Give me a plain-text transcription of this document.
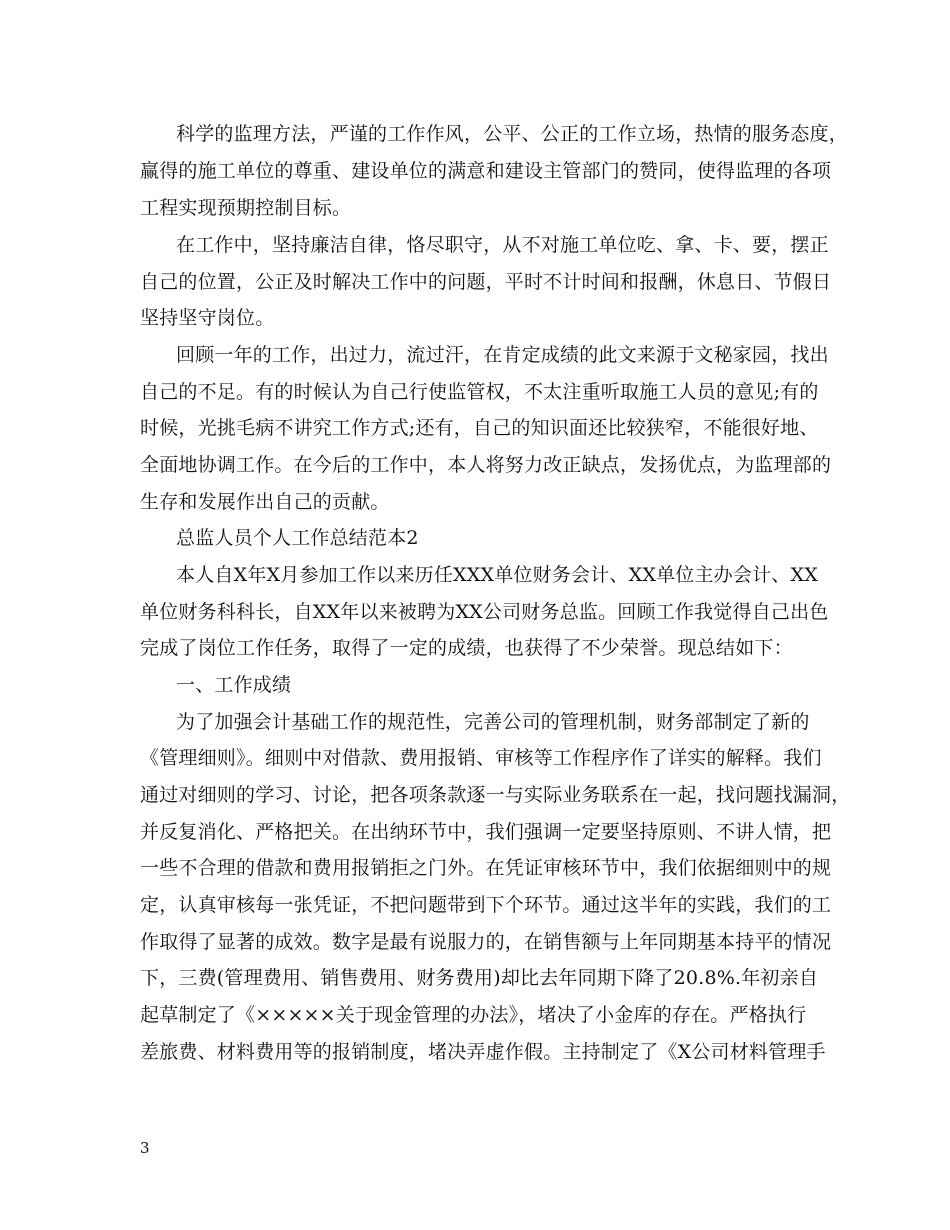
科学的监理方法，严谨的工作作风，公平、公正的工作立场，热情的服务态度，
赢得的施工单位的尊重、建设单位的满意和建设主管部门的赞同，使得监理的各项
工程实现预期控制目标。
在工作中，坚持廉洁自律，恪尽职守，从不对施工单位吃、拿、卡、要，摆正
自己的位置，公正及时解决工作中的问题，平时不计时间和报酬，休息日、节假日
坚持坚守岗位。
回顾一年的工作，出过力，流过汗，在肯定成绩的此文来源于文秘家园，找出
自己的不足。有的时候认为自己行使监管权，不太注重听取施工人员的意见;有的
时候，光挑毛病不讲究工作方式;还有，自己的知识面还比较狭窄，不能很好地、
全面地协调工作。在今后的工作中，本人将努力改正缺点，发扬优点，为监理部的
生存和发展作出自己的贡献。
总监人员个人工作总结范本2
本人自X年X月参加工作以来历任XXX单位财务会计、XX单位主办会计、XX
单位财务科科长，自XX年以来被聘为XX公司财务总监。回顾工作我觉得自己出色
完成了岗位工作任务，取得了一定的成绩，也获得了不少荣誉。现总结如下：
一、工作成绩
为了加强会计基础工作的规范性，完善公司的管理机制，财务部制定了新的
《管理细则》。细则中对借款、费用报销、审核等工作程序作了详实的解释。我们
通过对细则的学习、讨论，把各项条款逐一与实际业务联系在一起，找问题找漏洞，
并反复消化、严格把关。在出纳环节中，我们强调一定要坚持原则、不讲人情，把
一些不合理的借款和费用报销拒之门外。在凭证审核环节中，我们依据细则中的规
定，认真审核每一张凭证，不把问题带到下个环节。通过这半年的实践，我们的工
作取得了显著的成效。数字是最有说服力的，在销售额与上年同期基本持平的情况
下，三费(管理费用、销售费用、财务费用)却比去年同期下降了20.8%.年初亲自
起草制定了《×××××关于现金管理的办法》，堵决了小金库的存在。严格执行
差旅费、材料费用等的报销制度，堵决弄虚作假。主持制定了《X公司材料管理手
3
